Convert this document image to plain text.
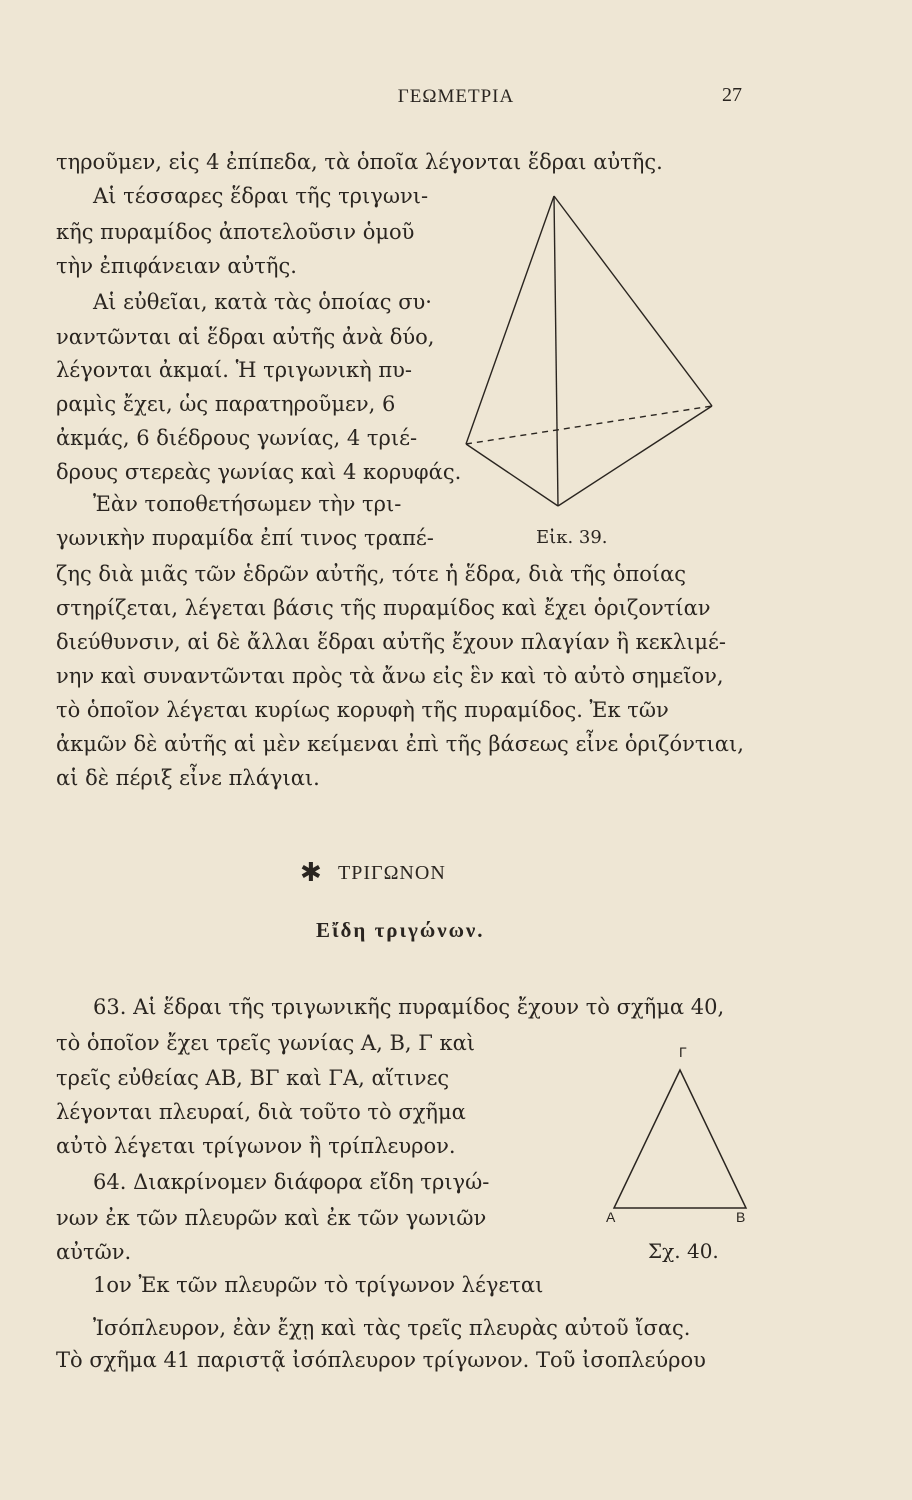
ΓΕΩΜΕΤΡΙΑ	27
τηροῦμεν, εἰς 4 ἐπίπεδα, τὰ ὁποῖα λέγονται ἕδραι αὐτῆς.
Αἱ τέσσαρες ἕδραι τῆς τριγωνι-
κῆς πυραμίδος ἀποτελοῦσιν ὁμοῦ
τὴν ἐπιφάνειαν αὐτῆς.
Αἱ εὐθεῖαι, κατὰ τὰς ὁποίας συ·
ναντῶνται αἱ ἕδραι αὐτῆς ἀνὰ δύο,
λέγονται ἀκμαί. Ἡ τριγωνικὴ πυ-
ραμὶς ἔχει, ὡς παρατηροῦμεν, 6
ἀκμάς, 6 διέδρους γωνίας, 4 τριέ-
δρους στερεὰς γωνίας καὶ 4 κορυφάς.
Ἐὰν τοποθετήσωμεν τὴν τρι-
γωνικὴν πυραμίδα ἐπί τινος τραπέ-
ζης διὰ μιᾶς τῶν ἑδρῶν αὐτῆς, τότε ἡ ἕδρα, διὰ τῆς ὁποίας
στηρίζεται, λέγεται βάσις τῆς πυραμίδος καὶ ἔχει ὁριζοντίαν
διεύθυνσιν, αἱ δὲ ἄλλαι ἕδραι αὐτῆς ἔχουν πλαγίαν ἢ κεκλιμέ-
νην καὶ συναντῶνται πρὸς τὰ ἄνω εἰς ἓν καὶ τὸ αὐτὸ σημεῖον,
τὸ ὁποῖον λέγεται κυρίως κορυφὴ τῆς πυραμίδος. Ἐκ τῶν
ἀκμῶν δὲ αὐτῆς αἱ μὲν κείμεναι ἐπὶ τῆς βάσεως εἶνε ὁριζόντιαι,
αἱ δὲ πέριξ εἶνε πλάγιαι.
Εἰκ. 39.
✱ ΤΡΙΓΩΝΟΝ
Εἴδη τριγώνων.
63. Αἱ ἕδραι τῆς τριγωνικῆς πυραμίδος ἔχουν τὸ σχῆμα 40,
τὸ ὁποῖον ἔχει τρεῖς γωνίας Α, Β, Γ καὶ
τρεῖς εὐθείας ΑΒ, ΒΓ καὶ ΓΑ, αἵτινες
λέγονται πλευραί, διὰ τοῦτο τὸ σχῆμα
αὐτὸ λέγεται τρίγωνον ἢ τρίπλευρον.
64. Διακρίνομεν διάφορα εἴδη τριγώ-
νων ἐκ τῶν πλευρῶν καὶ ἐκ τῶν γωνιῶν
αὐτῶν.
1ον Ἐκ τῶν πλευρῶν τὸ τρίγωνον λέγεται
Ἰσόπλευρον, ἐὰν ἔχῃ καὶ τὰς τρεῖς πλευρὰς αὐτοῦ ἴσας.
Τὸ σχῆμα 41 παριστᾷ ἰσόπλευρον τρίγωνον. Τοῦ ἰσοπλεύρου
Γ
Α	Β
Σχ. 40.
